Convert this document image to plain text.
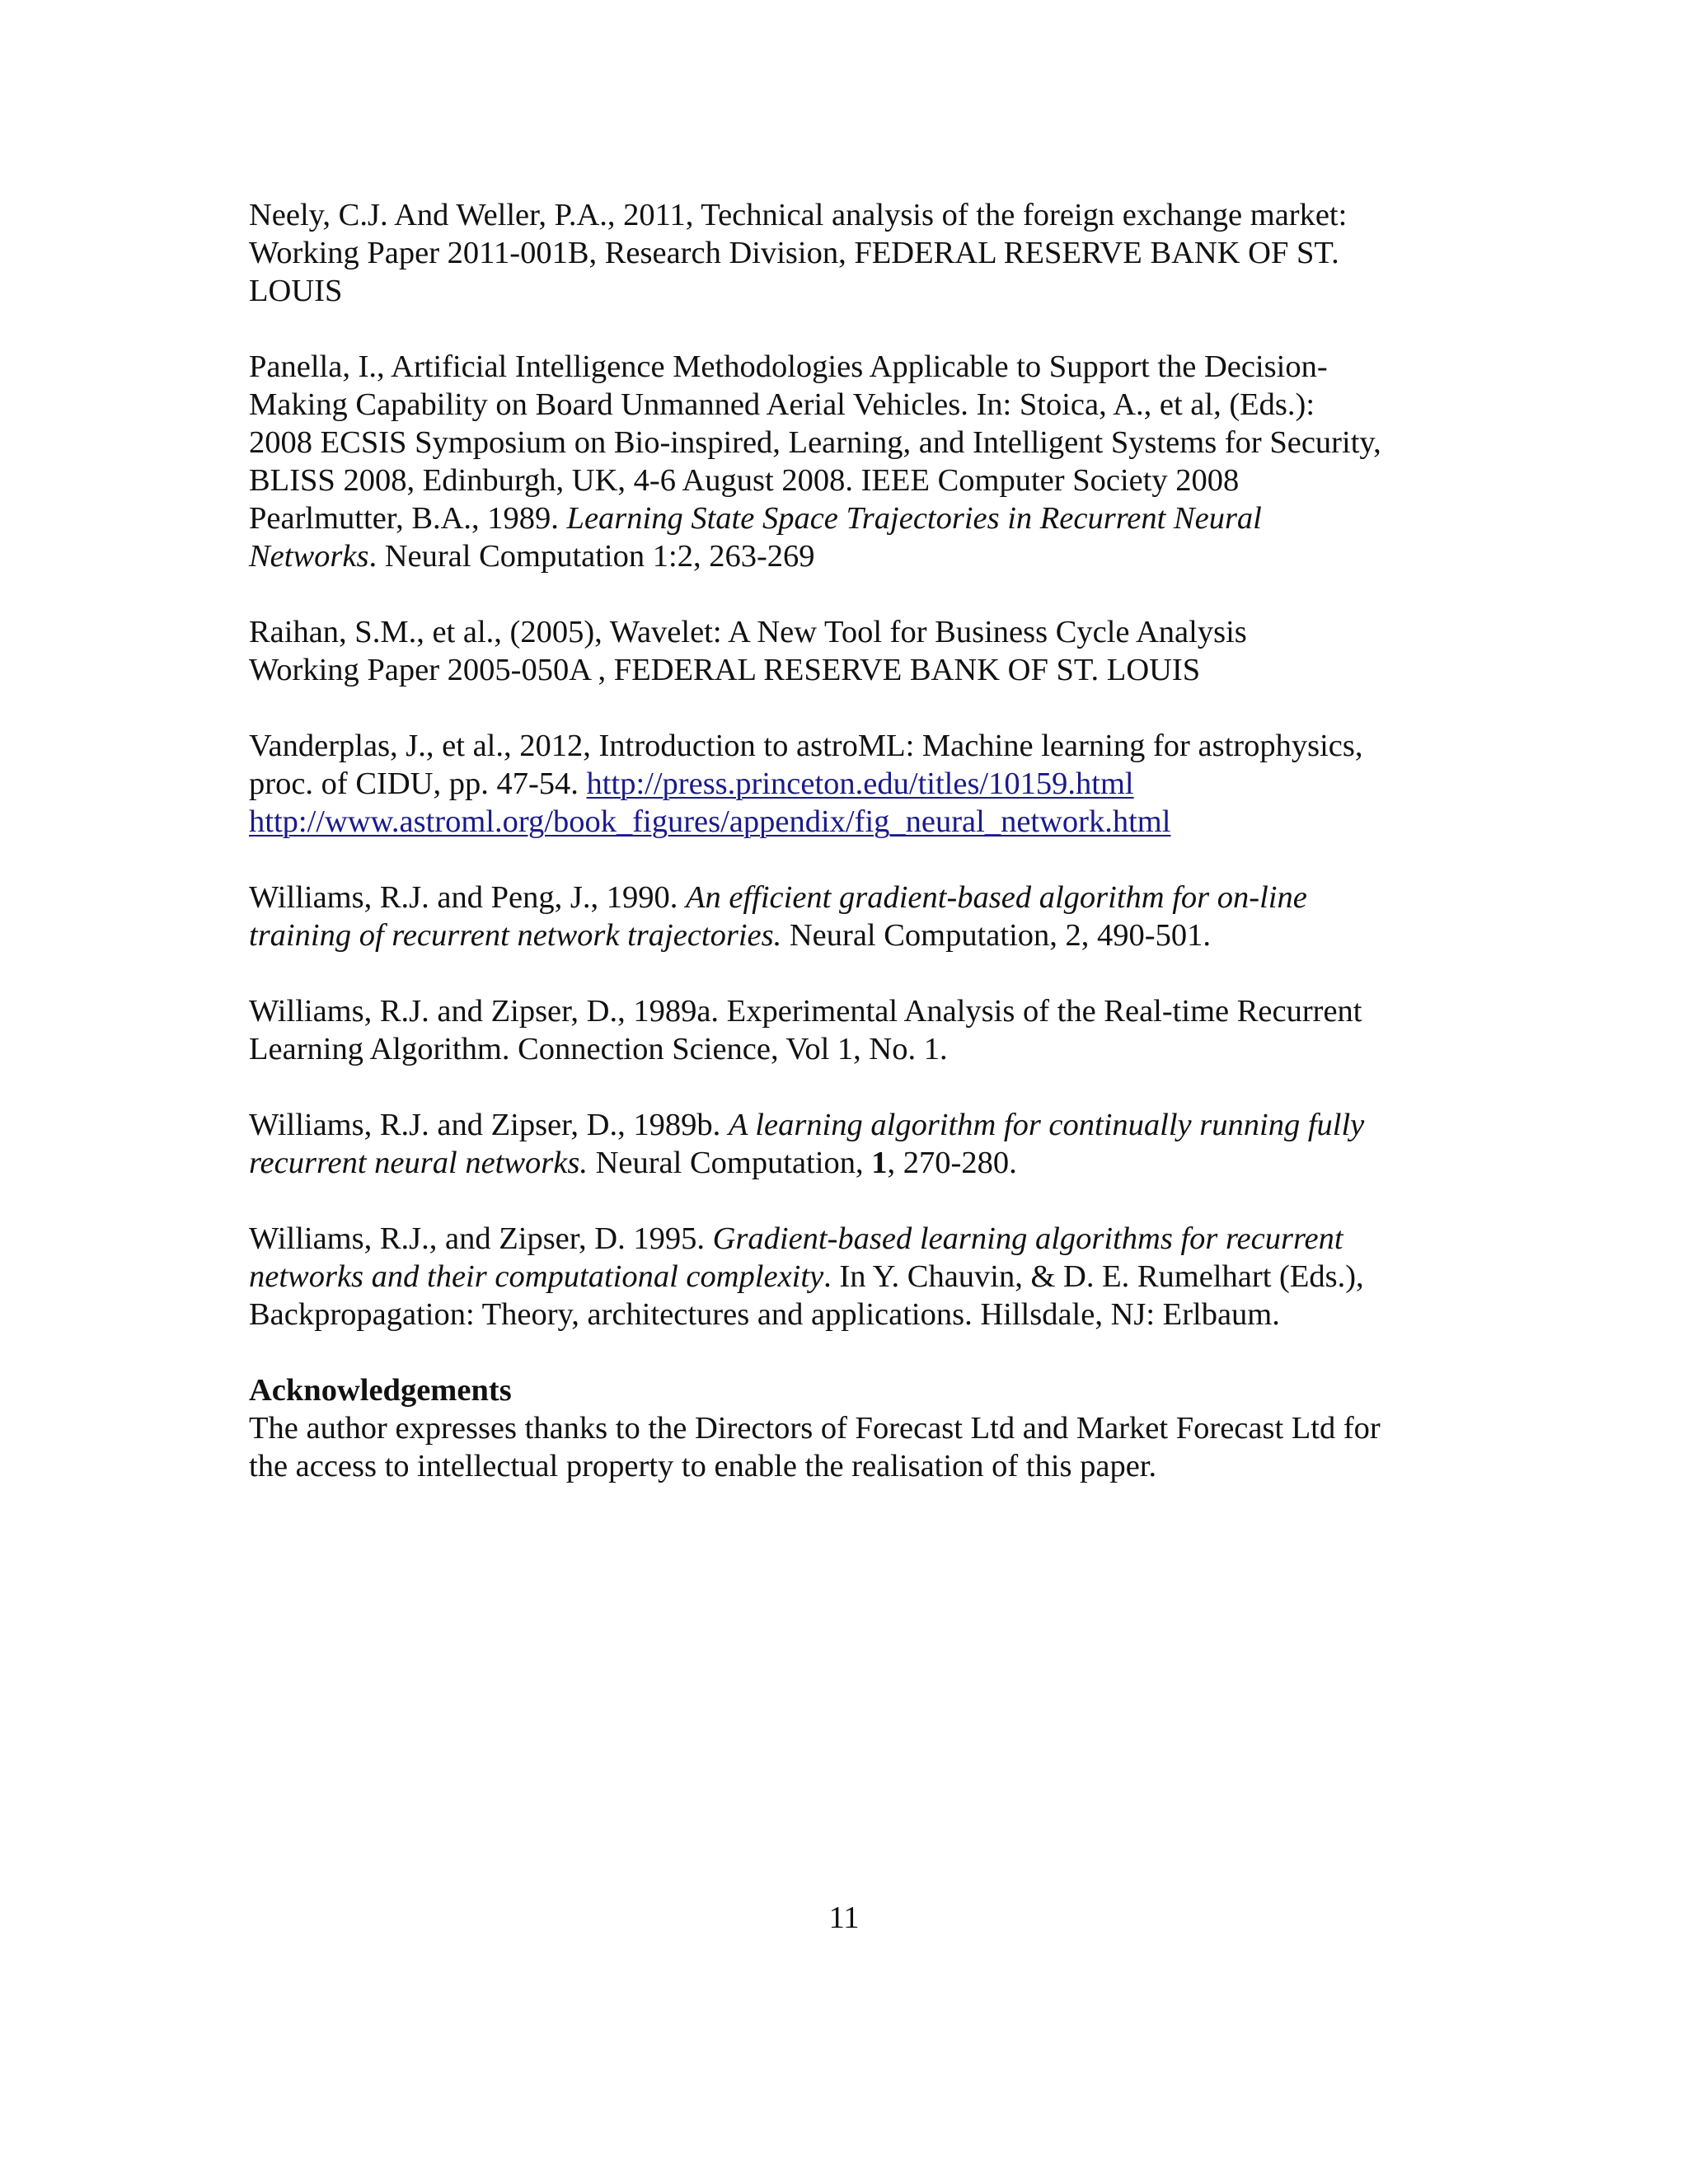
Neely, C.J. And Weller, P.A., 2011, Technical analysis of the foreign exchange market:
Working Paper 2011-001B, Research Division, FEDERAL RESERVE BANK OF ST.
LOUIS
Panella, I., Artificial Intelligence Methodologies Applicable to Support the Decision-
Making Capability on Board Unmanned Aerial Vehicles. In: Stoica, A., et al, (Eds.):
2008 ECSIS Symposium on Bio-inspired, Learning, and Intelligent Systems for Security,
BLISS 2008, Edinburgh, UK, 4-6 August 2008. IEEE Computer Society 2008
Pearlmutter, B.A., 1989. Learning State Space Trajectories in Recurrent Neural
Networks. Neural Computation 1:2, 263-269
Raihan, S.M., et al., (2005), Wavelet: A New Tool for Business Cycle Analysis
Working Paper 2005-050A , FEDERAL RESERVE BANK OF ST. LOUIS
Vanderplas, J., et al., 2012, Introduction to astroML: Machine learning for astrophysics,
proc. of CIDU, pp. 47-54. http://press.princeton.edu/titles/10159.html
http://www.astroml.org/book_figures/appendix/fig_neural_network.html
Williams, R.J. and Peng, J., 1990. An efficient gradient-based algorithm for on-line
training of recurrent network trajectories. Neural Computation, 2, 490-501.
Williams, R.J. and Zipser, D., 1989a. Experimental Analysis of the Real-time Recurrent
Learning Algorithm. Connection Science, Vol 1, No. 1.
Williams, R.J. and Zipser, D., 1989b. A learning algorithm for continually running fully
recurrent neural networks. Neural Computation, 1, 270-280.
Williams, R.J., and Zipser, D. 1995. Gradient-based learning algorithms for recurrent
networks and their computational complexity. In Y. Chauvin, & D. E. Rumelhart (Eds.),
Backpropagation: Theory, architectures and applications. Hillsdale, NJ: Erlbaum.
Acknowledgements
The author expresses thanks to the Directors of Forecast Ltd and Market Forecast Ltd for
the access to intellectual property to enable the realisation of this paper.
11
